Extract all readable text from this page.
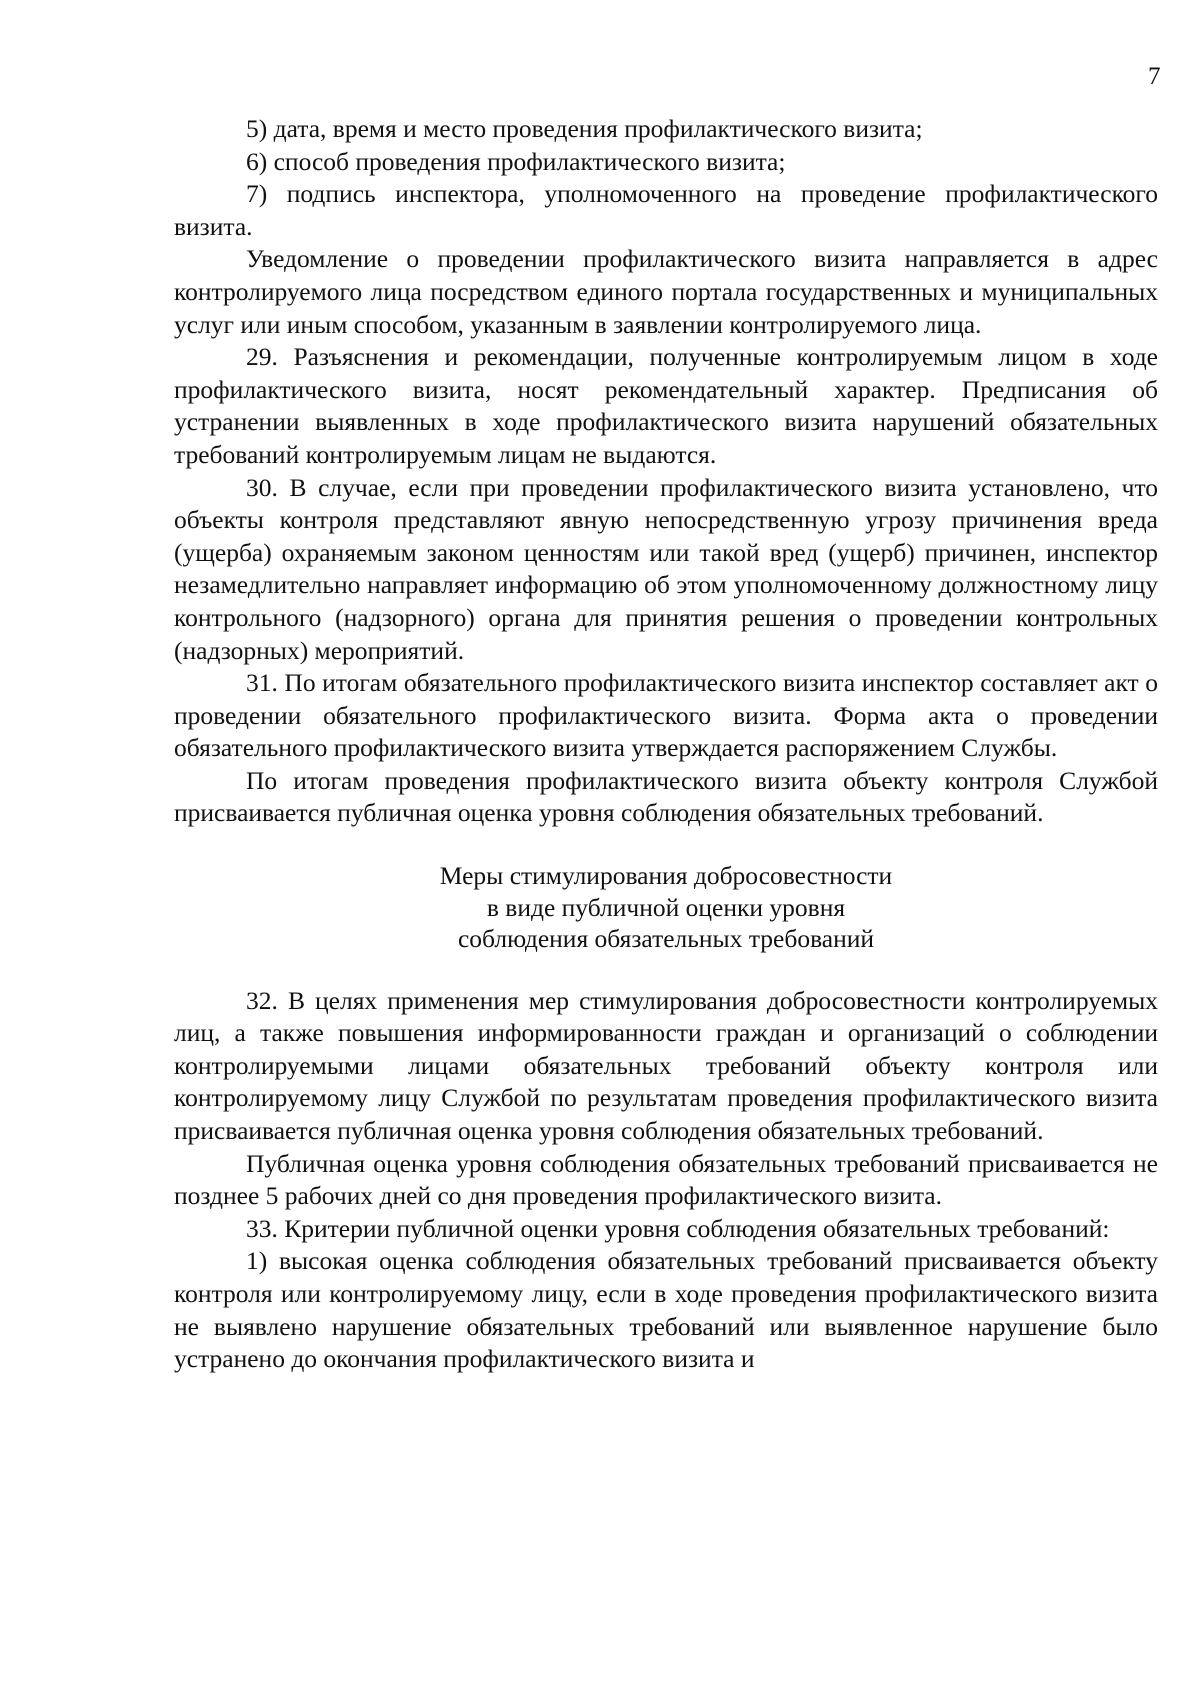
7

5) дата, время и место проведения профилактического визита;

6) способ проведения профилактического визита;

7) подпись инспектора, уполномоченного на проведение профилактического визита.

Уведомление о проведении профилактического визита направляется в адрес контролируемого лица посредством единого портала государственных и муниципальных услуг или иным способом, указанным в заявлении контролируемого лица.

29. Разъяснения и рекомендации, полученные контролируемым лицом в ходе профилактического визита, носят рекомендательный характер. Предписания об устранении выявленных в ходе профилактического визита нарушений обязательных требований контролируемым лицам не выдаются.

30. В случае, если при проведении профилактического визита установлено, что объекты контроля представляют явную непосредственную угрозу причинения вреда (ущерба) охраняемым законом ценностям или такой вред (ущерб) причинен, инспектор незамедлительно направляет информацию об этом уполномоченному должностному лицу контрольного (надзорного) органа для принятия решения о проведении контрольных (надзорных) мероприятий.

31. По итогам обязательного профилактического визита инспектор составляет акт о проведении обязательного профилактического визита. Форма акта о проведении обязательного профилактического визита утверждается распоряжением Службы.

По итогам проведения профилактического визита объекту контроля Службой присваивается публичная оценка уровня соблюдения обязательных требований.

Меры стимулирования добросовестности
в виде публичной оценки уровня
соблюдения обязательных требований

32. В целях применения мер стимулирования добросовестности контролируемых лиц, а также повышения информированности граждан и организаций о соблюдении контролируемыми лицами обязательных требований объекту контроля или контролируемому лицу Службой по результатам проведения профилактического визита присваивается публичная оценка уровня соблюдения обязательных требований.

Публичная оценка уровня соблюдения обязательных требований присваивается не позднее 5 рабочих дней со дня проведения профилактического визита.

33. Критерии публичной оценки уровня соблюдения обязательных требований:

1) высокая оценка соблюдения обязательных требований присваивается объекту контроля или контролируемому лицу, если в ходе проведения профилактического визита не выявлено нарушение обязательных требований или выявленное нарушение было устранено до окончания профилактического визита и
